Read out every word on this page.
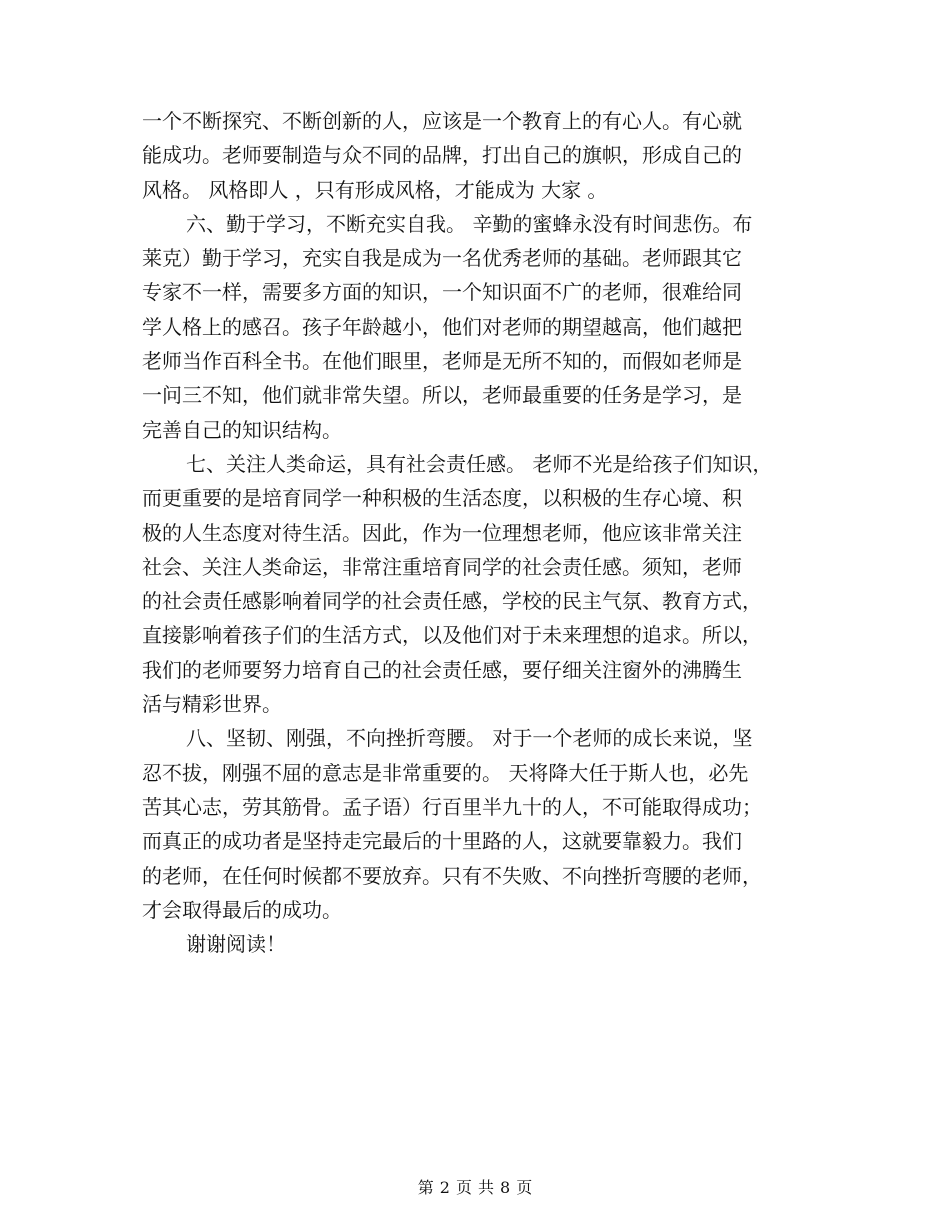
一个不断探究、不断创新的人，应该是一个教育上的有心人。有心就
能成功。老师要制造与众不同的品牌，打出自己的旗帜，形成自己的
风格。 风格即人 ，只有形成风格，才能成为 大家 。
六、勤于学习，不断充实自我。 辛勤的蜜蜂永没有时间悲伤。布
莱克）勤于学习，充实自我是成为一名优秀老师的基础。老师跟其它
专家不一样，需要多方面的知识，一个知识面不广的老师，很难给同
学人格上的感召。孩子年龄越小，他们对老师的期望越高，他们越把
老师当作百科全书。在他们眼里，老师是无所不知的，而假如老师是
一问三不知，他们就非常失望。所以，老师最重要的任务是学习，是
完善自己的知识结构。
七、关注人类命运，具有社会责任感。 老师不光是给孩子们知识，
而更重要的是培育同学一种积极的生活态度，以积极的生存心境、积
极的人生态度对待生活。因此，作为一位理想老师，他应该非常关注
社会、关注人类命运，非常注重培育同学的社会责任感。须知，老师
的社会责任感影响着同学的社会责任感，学校的民主气氛、教育方式，
直接影响着孩子们的生活方式，以及他们对于未来理想的追求。所以，
我们的老师要努力培育自己的社会责任感，要仔细关注窗外的沸腾生
活与精彩世界。
八、坚韧、刚强，不向挫折弯腰。 对于一个老师的成长来说，坚
忍不拔，刚强不屈的意志是非常重要的。 天将降大任于斯人也，必先
苦其心志，劳其筋骨。孟子语）行百里半九十的人，不可能取得成功；
而真正的成功者是坚持走完最后的十里路的人，这就要靠毅力。我们
的老师，在任何时候都不要放弃。只有不失败、不向挫折弯腰的老师，
才会取得最后的成功。
谢谢阅读！
第 2 页 共 8 页
